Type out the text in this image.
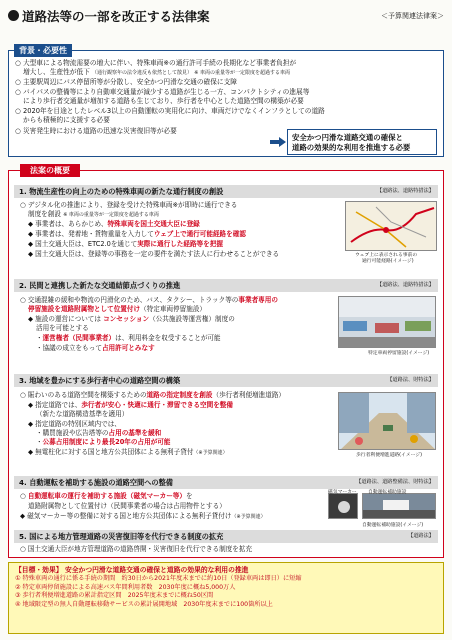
道路法等の一部を改正する法律案	＜予算関連法律案＞
○ 大型車による物流需要の増大に伴い、特殊車両※の通行許可手続の長期化など事業者負担が
増大し、生産性が低下 （通行観察年の法令違反も依然として散見） ※ 車両の重量等が一定限度を超過する車両
○ 主要駅周辺にバス停留所等が分散し、安全かつ円滑な交通の確保に支障
○ バイパスの整備等により自動車交通量が減少する道路が生じる一方、コンパクトシティの進展等
により歩行者交通量が増加する道路も生じており、歩行者を中心とした道路空間の構築が必要
○ 2020年を目途としたレベル3以上の自動運転の実用化に向け、車両だけでなくインフラとしての道路
からも積極的に支援する必要
○ 災害発生時における道路の迅速な災害復旧等が必要
安全かつ円滑な道路交通の確保と
道路の効果的な利用を推進する必要
背景・必要性
法案の概要
1. 物流生産性の向上のための特殊車両の新たな通行制度の創設	【道路法、道路特措法】
○ デジタル化の推進により、登録を受けた特殊車両※が即時に通行できる
制度を創設 ※ 車両の重量等が一定限度を超過する車両
◆ 事業者は、あらかじめ、特殊車両を国土交通大臣に登録
◆ 事業者は、発着地・貨物重量を入力してウェブ上で通行可能経路を確認
◆ 国土交通大臣は、ETC2.0を通じて実際に通行した経路等を把握
◆ 国土交通大臣は、登録等の事務を一定の要件を満たす法人に行わせることができる	ウェブ上に表示される事前の
通行可能経路(イメージ)
2. 民間と連携した新たな交通結節点づくりの推進	【道路法、道路特措法】
○ 交通混雑の緩和や物流の円滑化のため、バス、タクシー、トラック等の事業者専用の
停留施設を道路附属物として位置付け（特定車両停留施設）
◆ 施設の運営については コンセッション（公共施設等運営権）制度の
活用を可能とする
・運営権者（民間事業者）は、利用料金を収受することが可能
・協議の成立をもって占用許可とみなす
特定車両停留施設(イメージ)
3. 地域を豊かにする歩行者中心の道路空間の構築	【道路法、財特法】
○ 賑わいのある道路空間を構築するための道路の指定制度を創設（歩行者利便増進道路）
◆ 指定道路では、歩行者が安心・快適に通行・滞留できる空間を整備
（新たな道路構造基準を適用）
◆ 指定道路の特別区域内では、
・購買施設や広告塔等の占用の基準を緩和
・公募占用制度により最長20年の占用が可能
◆ 無電柱化に対する国と地方公共団体による無利子貸付（※予算関連）	歩行者利便増進道路(イメージ)
4. 自動運転を補助する施設の道路空間への整備	【道路法、道路整備法、財特法】
○ 自動運転車の運行を補助する施設（磁気マーカー等）を
道路附属物として位置付け（民間事業者の場合は占用物件とする）
◆ 磁気マーカー等の整備に対する国と地方公共団体による無利子貸付け（※予算関連）
磁気マーカー 自動運転補助施設
自動運転補助施設(イメージ)
5. 国による地方管理道路の災害復旧等を代行できる制度の拡充	【道路法】
○ 国土交通大臣が地方管理道路の道路啓開・災害復旧を代行できる制度を拡充
【目標・効果】 安全かつ円滑な道路交通の確保と道路の効果的な利用の推進
① 特殊車両の通行に係る手続の期間　約30日から2021年度末までに約10日（登録車両は即日）に短縮
② 特定車両停留施設による高速バス年間利用者数　2030年度に概ね5,000万人
③ 歩行者利便増進道路の累計指定区間　2025年度末までに概ね50区間
④ 地域限定型の無人自動運転移動サービスの累計展開地域　2030年度末までに100箇所以上
